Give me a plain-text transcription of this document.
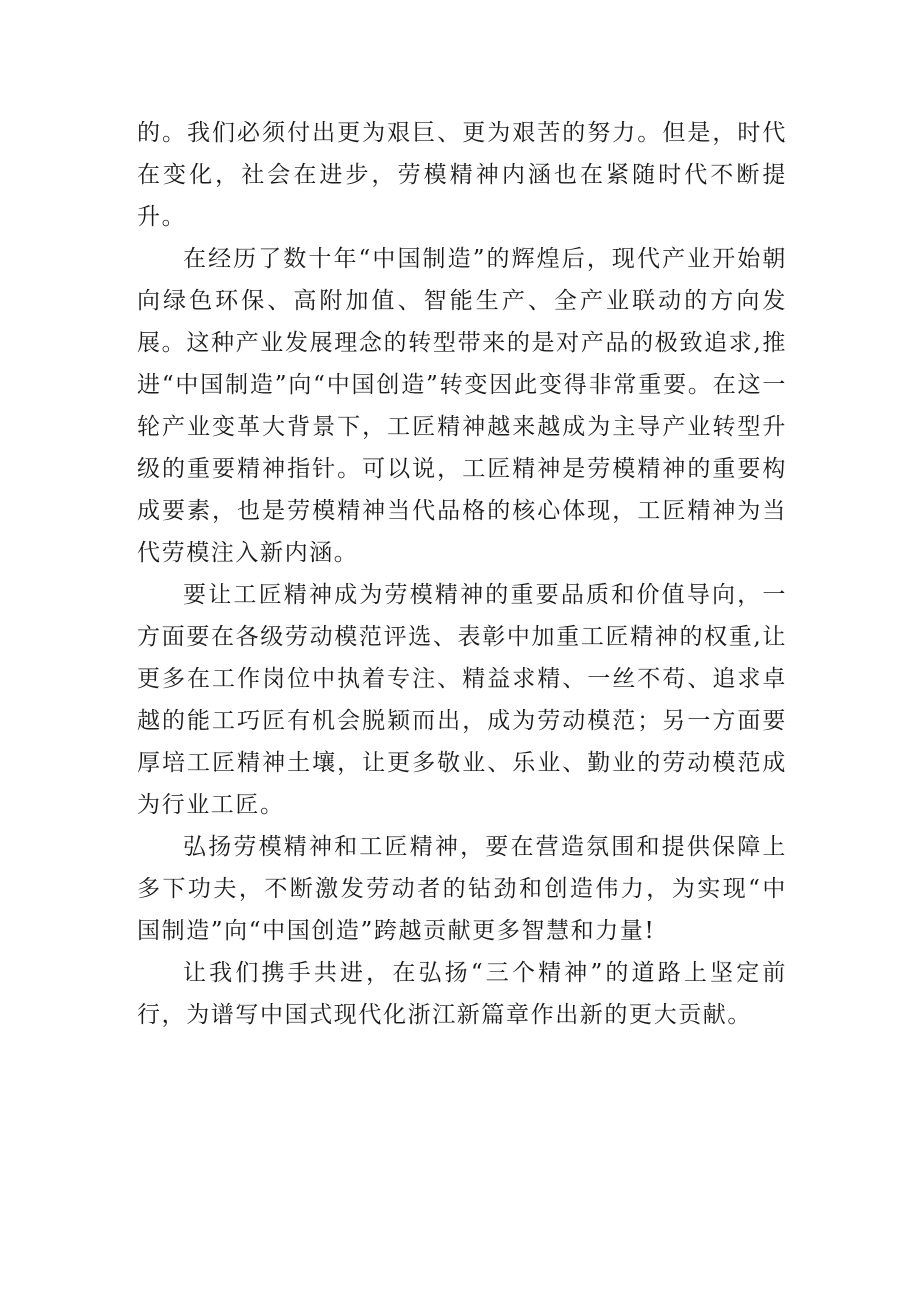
的。我们必须付出更为艰巨、更为艰苦的努力。但是，时代在变化，社会在进步，劳模精神内涵也在紧随时代不断提升。

在经历了数十年“中国制造”的辉煌后，现代产业开始朝向绿色环保、高附加值、智能生产、全产业联动的方向发展。这种产业发展理念的转型带来的是对产品的极致追求,推进“中国制造”向“中国创造”转变因此变得非常重要。在这一轮产业变革大背景下，工匠精神越来越成为主导产业转型升级的重要精神指针。可以说，工匠精神是劳模精神的重要构成要素，也是劳模精神当代品格的核心体现，工匠精神为当代劳模注入新内涵。

要让工匠精神成为劳模精神的重要品质和价值导向，一方面要在各级劳动模范评选、表彰中加重工匠精神的权重,让更多在工作岗位中执着专注、精益求精、一丝不苟、追求卓越的能工巧匠有机会脱颖而出，成为劳动模范；另一方面要厚培工匠精神土壤，让更多敬业、乐业、勤业的劳动模范成为行业工匠。

弘扬劳模精神和工匠精神，要在营造氛围和提供保障上多下功夫，不断激发劳动者的钻劲和创造伟力，为实现“中国制造”向“中国创造”跨越贡献更多智慧和力量!

让我们携手共进，在弘扬“三个精神”的道路上坚定前行，为谱写中国式现代化浙江新篇章作出新的更大贡献。
